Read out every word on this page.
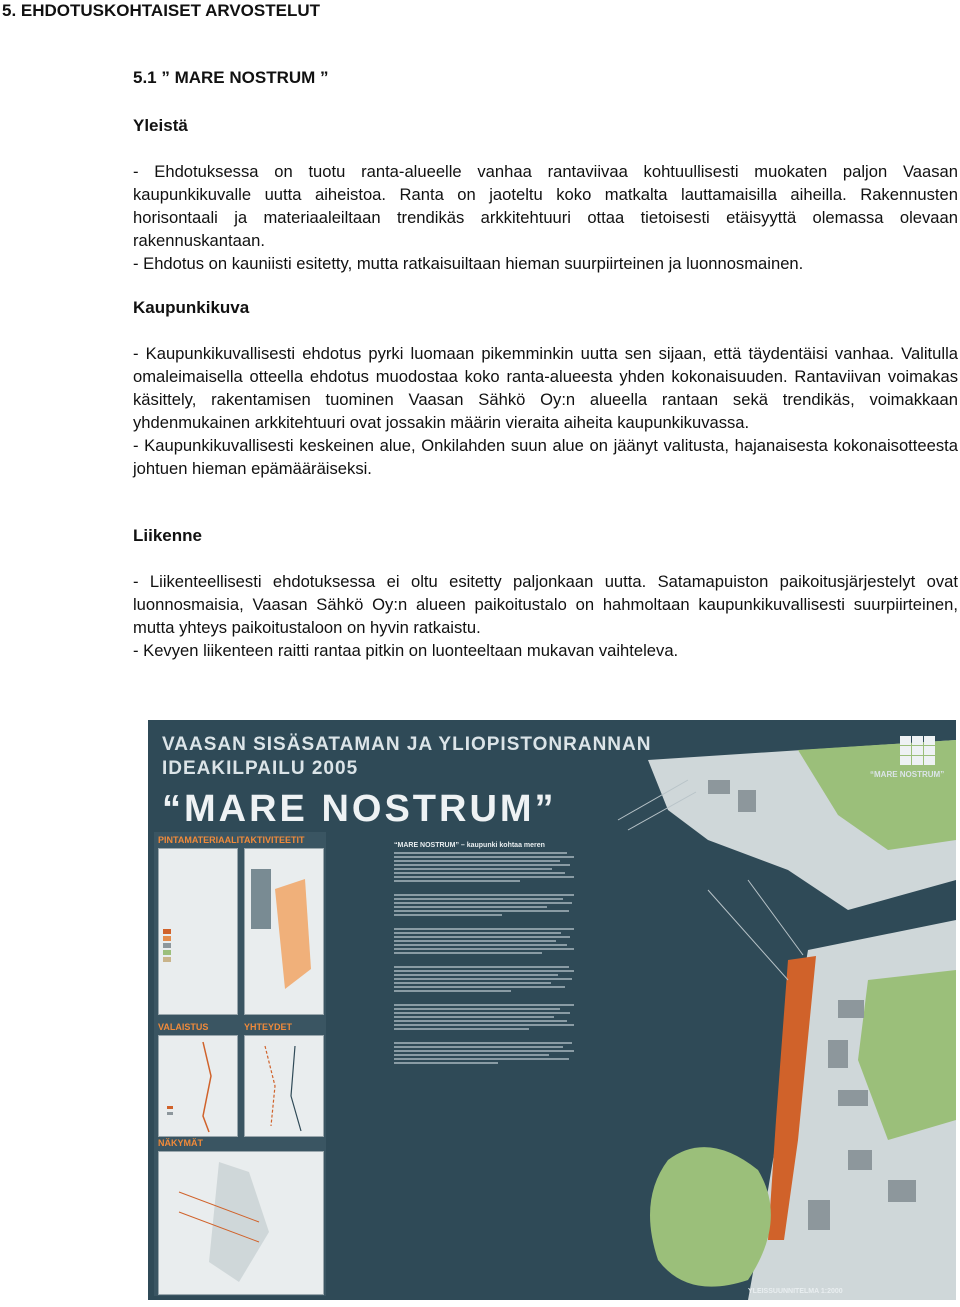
5. EHDOTUSKOHTAISET ARVOSTELUT
5.1 ” MARE NOSTRUM ”
Yleistä

- Ehdotuksessa on tuotu ranta-alueelle vanhaa rantaviivaa kohtuullisesti muokaten paljon Vaasan kaupunkikuvalle uutta aiheistoa. Ranta on jaoteltu koko matkalta lauttamaisilla aiheilla. Rakennusten horisontaali ja materiaaleiltaan trendikäs arkkitehtuuri ottaa tietoisesti etäisyyttä olemassa olevaan rakennuskantaan.

- Ehdotus on kauniisti esitetty, mutta ratkaisuiltaan hieman suurpiirteinen ja luonnosmainen.

Kaupunkikuva

- Kaupunkikuvallisesti ehdotus pyrki luomaan pikemminkin uutta sen sijaan, että täydentäisi vanhaa. Valitulla omaleimaisella otteella ehdotus muodostaa koko ranta-alueesta yhden kokonaisuuden. Rantaviivan voimakas käsittely, rakentamisen tuominen Vaasan Sähkö Oy:n alueella rantaan sekä trendikäs, voimakkaan yhdenmukainen arkkitehtuuri ovat jossakin määrin vieraita aiheita kaupunkikuvassa.

- Kaupunkikuvallisesti keskeinen alue, Onkilahden suun alue on jäänyt valitusta, hajanaisesta kokonaisotteesta johtuen hieman epämääräiseksi.

Liikenne

- Liikenteellisesti ehdotuksessa ei oltu esitetty paljonkaan uutta. Satamapuiston paikoitusjärjestelyt ovat luonnosmaisia, Vaasan Sähkö Oy:n alueen paikoitustalo on hahmoltaan kaupunkikuvallisesti suurpiirteinen, mutta yhteys paikoitustaloon on hyvin ratkaistu.

- Kevyen liikenteen raitti rantaa pitkin on luonteeltaan mukavan vaihteleva.

VAASAN SISÄSATAMAN JA YLIOPISTONRANNAN
IDEAKILPAILU 2005
“MARE NOSTRUM”
“MARE NOSTRUM”
PINTAMATERIAALIT AKTIVITEETIT
VALAISTUS	YHTEYDET
NÄKYMÄT
“MARE NOSTRUM” – kaupunki kohtaa meren
YLEISSUUNNITELMA 1:2000
